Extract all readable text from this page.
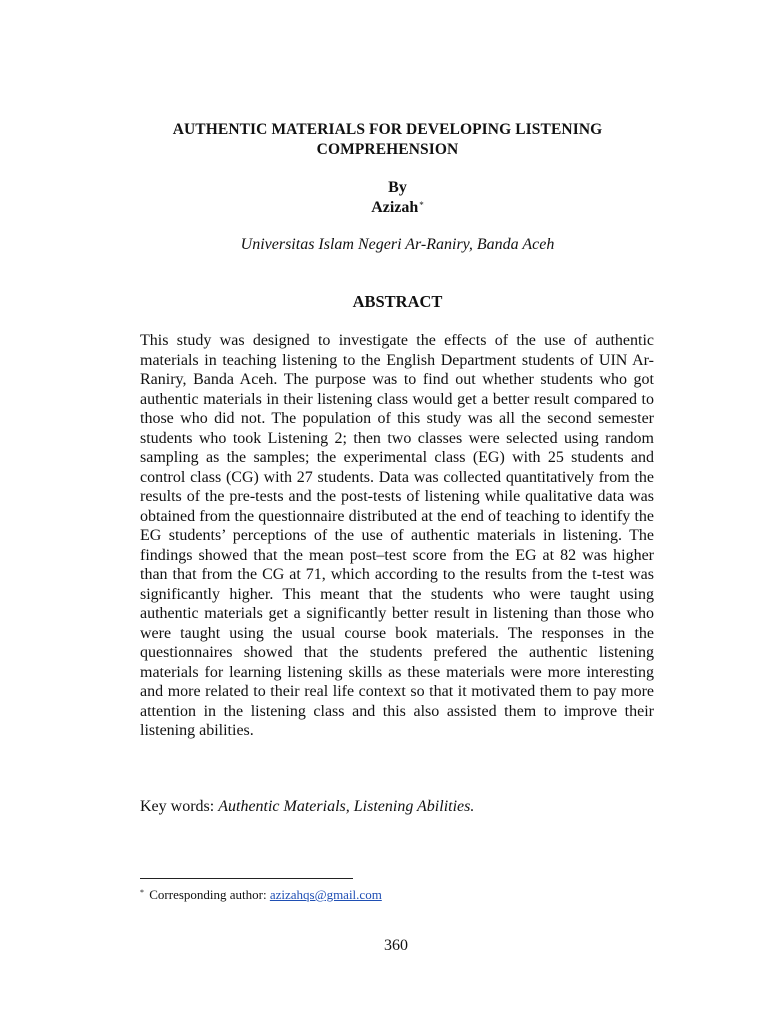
AUTHENTIC MATERIALS FOR DEVELOPING LISTENING COMPREHENSION
By
Azizah*
Universitas Islam Negeri Ar-Raniry, Banda Aceh
ABSTRACT
This study was designed to investigate the effects of the use of authentic materials in teaching listening to the English Department students of UIN Ar-Raniry, Banda Aceh. The purpose was to find out whether students who got authentic materials in their listening class would get a better result compared to those who did not. The population of this study was all the second semester students who took Listening 2; then two classes were selected using random sampling as the samples; the experimental class (EG) with 25 students and control class (CG) with 27 students. Data was collected quantitatively from the results of the pre-tests and the post-tests of listening while qualitative data was obtained from the questionnaire distributed at the end of teaching to identify the EG students’ perceptions of the use of authentic materials in listening. The findings showed that the mean post–test score from the EG at 82 was higher than that from the CG at 71, which according to the results from the t-test was significantly higher. This meant that the students who were taught using authentic materials get a significantly better result in listening than those who were taught using the usual course book materials. The responses in the questionnaires showed that the students prefered the authentic listening materials for learning listening skills as these materials were more interesting and more related to their real life context so that it motivated them to pay more attention in the listening class and this also assisted them to improve their listening abilities.
Key words: Authentic Materials, Listening Abilities.
* Corresponding author: azizahqs@gmail.com
360
